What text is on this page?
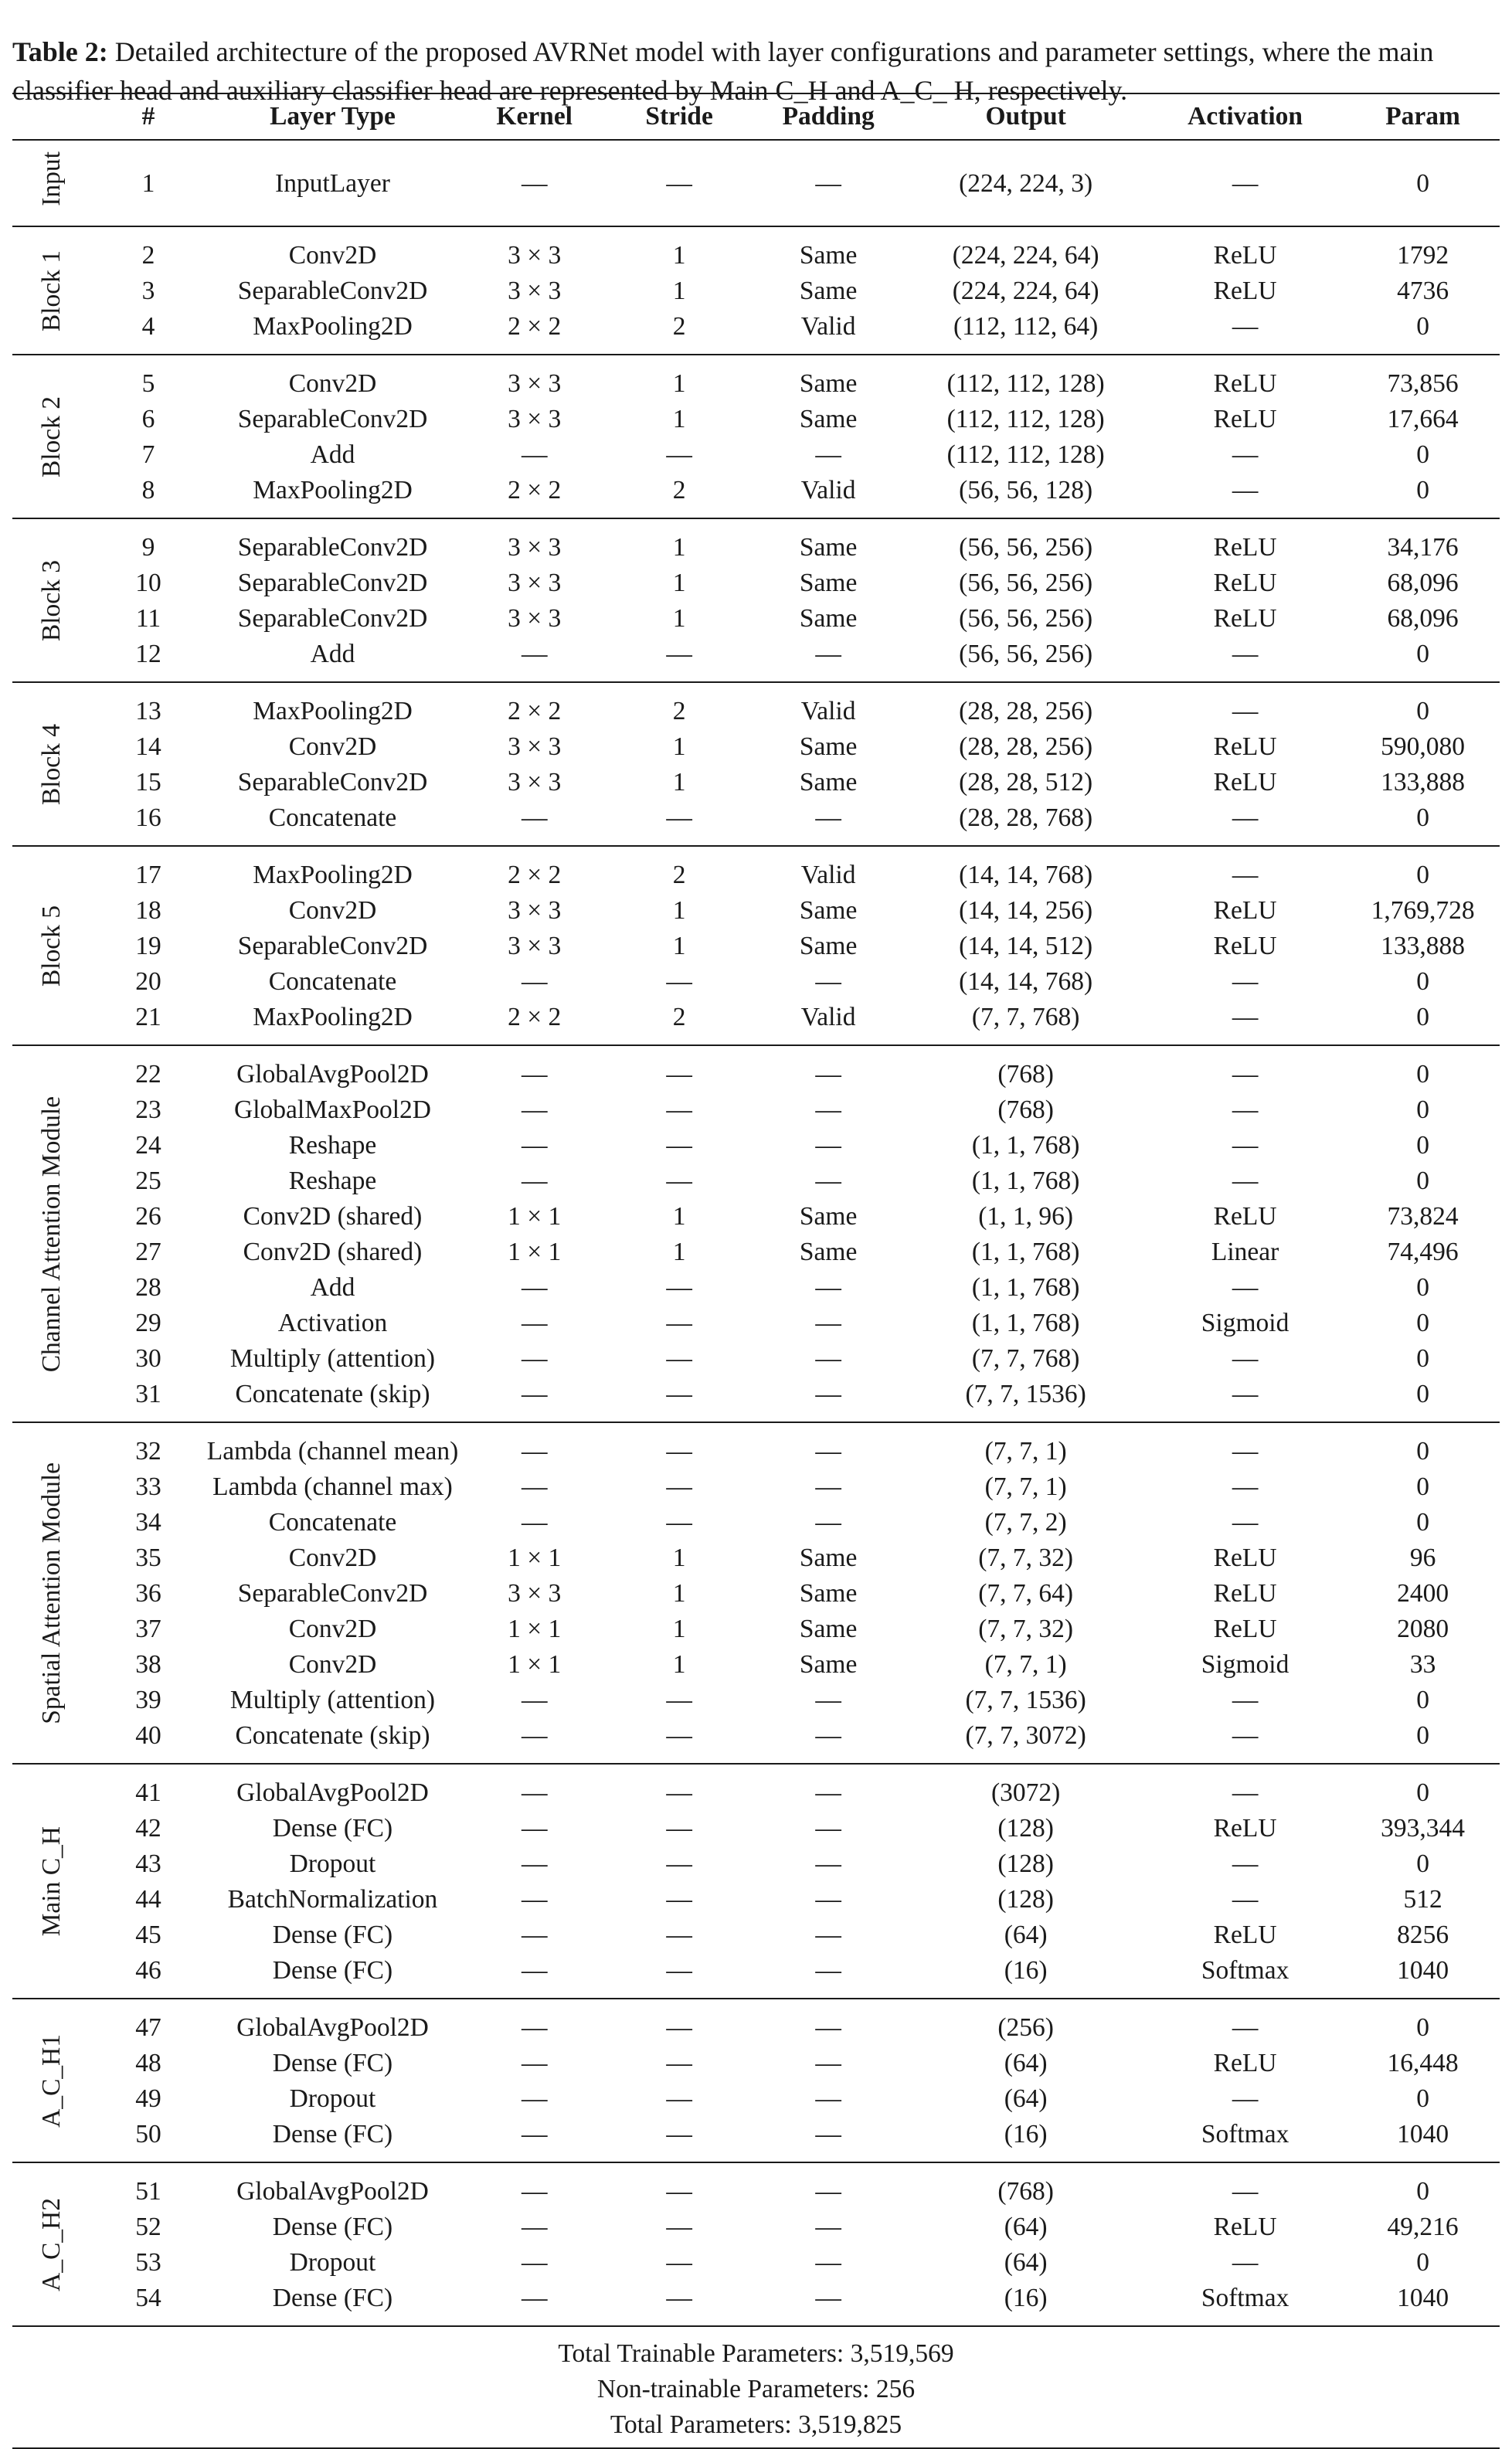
Table 2: Detailed architecture of the proposed AVRNet model with layer configurations and parameter settings, where the main classifier head and auxiliary classifier head are represented by Main C_H and A_C_ H, respectively.

	#	Layer Type	Kernel	Stride	Padding	Output	Activation	Param
Input	1	InputLayer	—	—	—	(224, 224, 3)	—	0
Block 1	2	Conv2D	3 × 3	1	Same	(224, 224, 64)	ReLU	1792
	3	SeparableConv2D	3 × 3	1	Same	(224, 224, 64)	ReLU	4736
	4	MaxPooling2D	2 × 2	2	Valid	(112, 112, 64)	—	0
Block 2	5	Conv2D	3 × 3	1	Same	(112, 112, 128)	ReLU	73,856
	6	SeparableConv2D	3 × 3	1	Same	(112, 112, 128)	ReLU	17,664
	7	Add	—	—	—	(112, 112, 128)	—	0
	8	MaxPooling2D	2 × 2	2	Valid	(56, 56, 128)	—	0
Block 3	9	SeparableConv2D	3 × 3	1	Same	(56, 56, 256)	ReLU	34,176
	10	SeparableConv2D	3 × 3	1	Same	(56, 56, 256)	ReLU	68,096
	11	SeparableConv2D	3 × 3	1	Same	(56, 56, 256)	ReLU	68,096
	12	Add	—	—	—	(56, 56, 256)	—	0
Block 4	13	MaxPooling2D	2 × 2	2	Valid	(28, 28, 256)	—	0
	14	Conv2D	3 × 3	1	Same	(28, 28, 256)	ReLU	590,080
	15	SeparableConv2D	3 × 3	1	Same	(28, 28, 512)	ReLU	133,888
	16	Concatenate	—	—	—	(28, 28, 768)	—	0
Block 5	17	MaxPooling2D	2 × 2	2	Valid	(14, 14, 768)	—	0
	18	Conv2D	3 × 3	1	Same	(14, 14, 256)	ReLU	1,769,728
	19	SeparableConv2D	3 × 3	1	Same	(14, 14, 512)	ReLU	133,888
	20	Concatenate	—	—	—	(14, 14, 768)	—	0
	21	MaxPooling2D	2 × 2	2	Valid	(7, 7, 768)	—	0
Channel Attention Module	22	GlobalAvgPool2D	—	—	—	(768)	—	0
	23	GlobalMaxPool2D	—	—	—	(768)	—	0
	24	Reshape	—	—	—	(1, 1, 768)	—	0
	25	Reshape	—	—	—	(1, 1, 768)	—	0
	26	Conv2D (shared)	1 × 1	1	Same	(1, 1, 96)	ReLU	73,824
	27	Conv2D (shared)	1 × 1	1	Same	(1, 1, 768)	Linear	74,496
	28	Add	—	—	—	(1, 1, 768)	—	0
	29	Activation	—	—	—	(1, 1, 768)	Sigmoid	0
	30	Multiply (attention)	—	—	—	(7, 7, 768)	—	0
	31	Concatenate (skip)	—	—	—	(7, 7, 1536)	—	0
Spatial Attention Module	32	Lambda (channel mean)	—	—	—	(7, 7, 1)	—	0
	33	Lambda (channel max)	—	—	—	(7, 7, 1)	—	0
	34	Concatenate	—	—	—	(7, 7, 2)	—	0
	35	Conv2D	1 × 1	1	Same	(7, 7, 32)	ReLU	96
	36	SeparableConv2D	3 × 3	1	Same	(7, 7, 64)	ReLU	2400
	37	Conv2D	1 × 1	1	Same	(7, 7, 32)	ReLU	2080
	38	Conv2D	1 × 1	1	Same	(7, 7, 1)	Sigmoid	33
	39	Multiply (attention)	—	—	—	(7, 7, 1536)	—	0
	40	Concatenate (skip)	—	—	—	(7, 7, 3072)	—	0
Main C_H	41	GlobalAvgPool2D	—	—	—	(3072)	—	0
	42	Dense (FC)	—	—	—	(128)	ReLU	393,344
	43	Dropout	—	—	—	(128)	—	0
	44	BatchNormalization	—	—	—	(128)	—	512
	45	Dense (FC)	—	—	—	(64)	ReLU	8256
	46	Dense (FC)	—	—	—	(16)	Softmax	1040
A_C_H1	47	GlobalAvgPool2D	—	—	—	(256)	—	0
	48	Dense (FC)	—	—	—	(64)	ReLU	16,448
	49	Dropout	—	—	—	(64)	—	0
	50	Dense (FC)	—	—	—	(16)	Softmax	1040
A_C_H2	51	GlobalAvgPool2D	—	—	—	(768)	—	0
	52	Dense (FC)	—	—	—	(64)	ReLU	49,216
	53	Dropout	—	—	—	(64)	—	0
	54	Dense (FC)	—	—	—	(16)	Softmax	1040
Total Trainable Parameters: 3,519,569								
Non-trainable Parameters: 256								
Total Parameters: 3,519,825								
